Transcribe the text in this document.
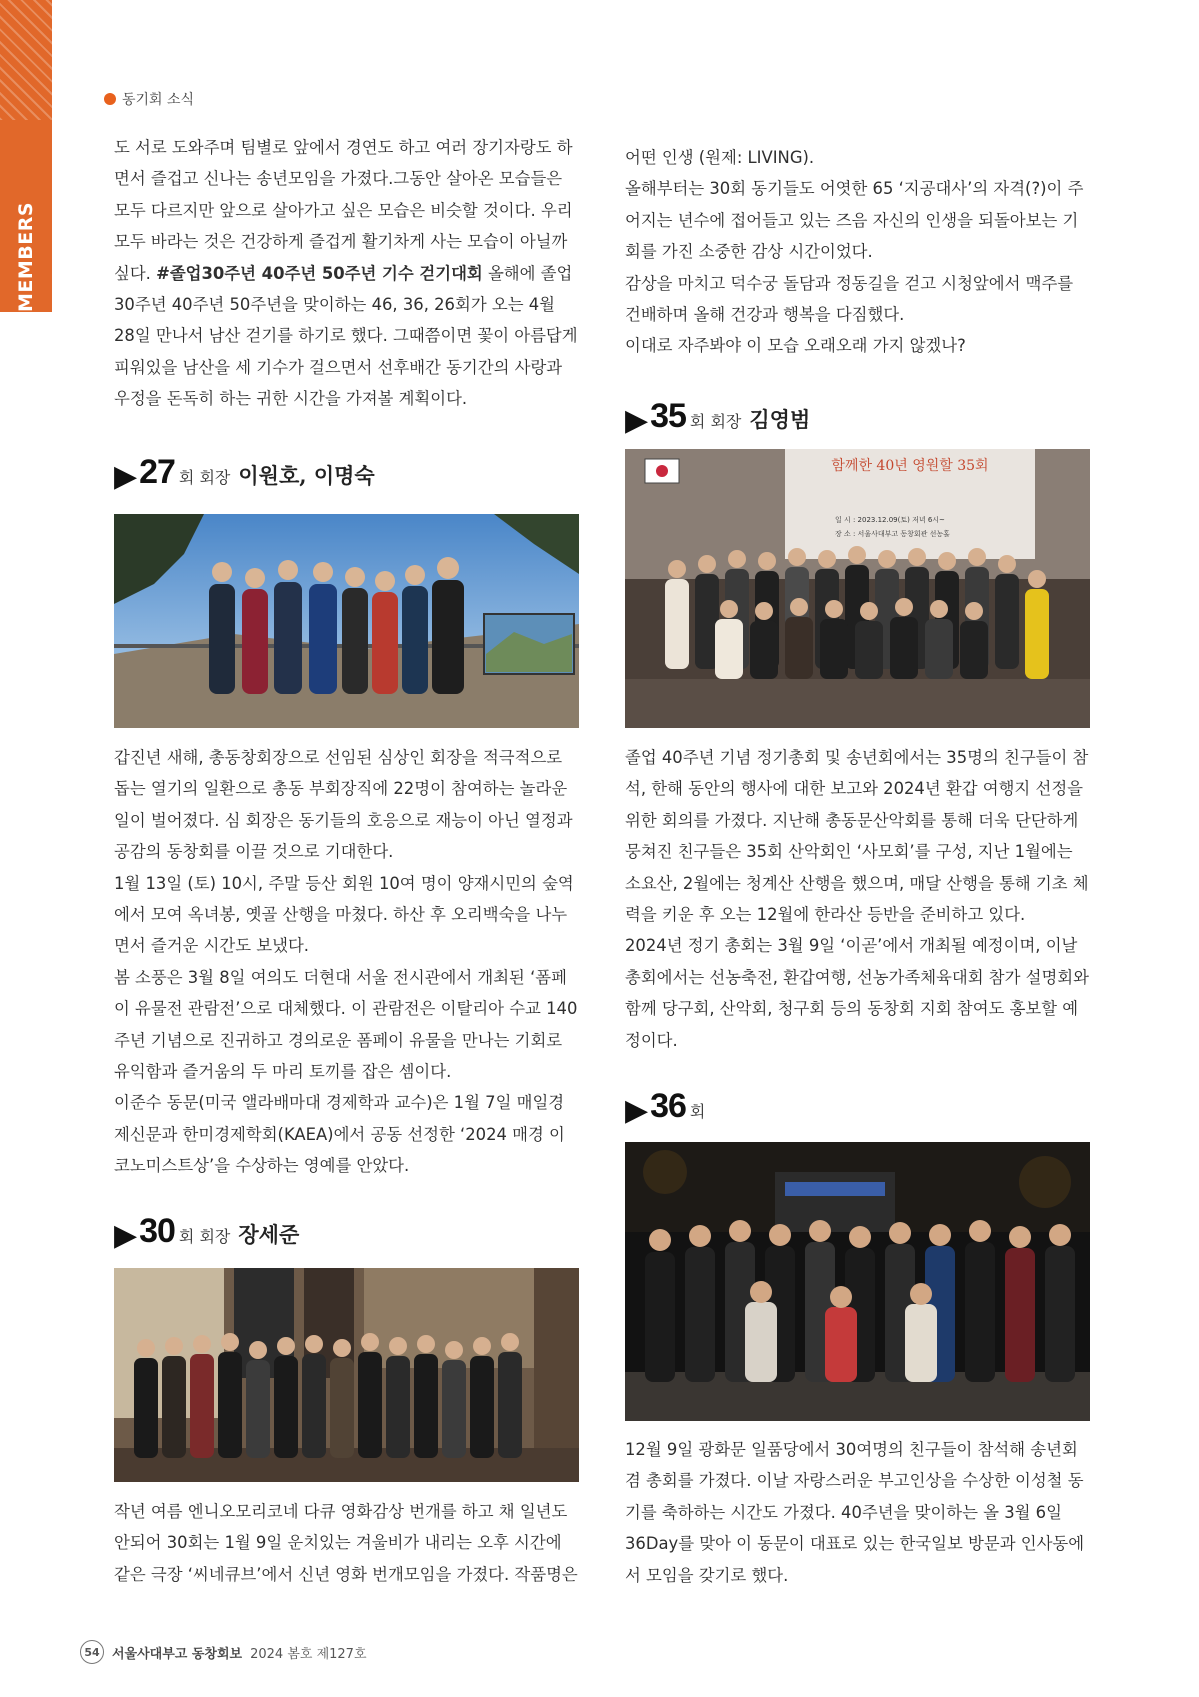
MEMBERS NEWS
동기회 소식

도 서로 도와주며 팀별로 앞에서 경연도 하고 여러 장기자랑도 하면서 즐겁고 신나는 송년모임을 가졌다.그동안 살아온 모습들은 모두 다르지만 앞으로 살아가고 싶은 모습은 비슷할 것이다. 우리 모두 바라는 것은 건강하게 즐겁게 활기차게 사는 모습이 아닐까 싶다. #졸업30주년 40주년 50주년 기수 걷기대회 올해에 졸업 30주년 40주년 50주년을 맞이하는 46, 36, 26회가 오는 4월 28일 만나서 남산 걷기를 하기로 했다. 그때쯤이면 꽃이 아름답게 피워있을 남산을 세 기수가 걸으면서 선후배간 동기간의 사랑과 우정을 돈독히 하는 귀한 시간을 가져볼 계획이다.

▶ 27 회 회장 이원호, 이명숙

갑진년 새해, 총동창회장으로 선임된 심상인 회장을 적극적으로 돕는 열기의 일환으로 총동 부회장직에 22명이 참여하는 놀라운 일이 벌어졌다. 심 회장은 동기들의 호응으로 재능이 아닌 열정과 공감의 동창회를 이끌 것으로 기대한다.

1월 13일 (토) 10시, 주말 등산 회원 10여 명이 양재시민의 숲역에서 모여 옥녀봉, 옛골 산행을 마쳤다. 하산 후 오리백숙을 나누면서 즐거운 시간도 보냈다.

봄 소풍은 3월 8일 여의도 더현대 서울 전시관에서 개최된 ‘폼페이 유물전 관람전’으로 대체했다. 이 관람전은 이탈리아 수교 140주년 기념으로 진귀하고 경의로운 폼페이 유물을 만나는 기회로 유익함과 즐거움의 두 마리 토끼를 잡은 셈이다.

이준수 동문(미국 앨라배마대 경제학과 교수)은 1월 7일 매일경제신문과 한미경제학회(KAEA)에서 공동 선정한 ‘2024 매경 이코노미스트상’을 수상하는 영예를 안았다.

▶ 30 회 회장 장세준

작년 여름 엔니오모리코네 다큐 영화감상 번개를 하고 채 일년도 안되어 30회는 1월 9일 운치있는 겨울비가 내리는 오후 시간에 같은 극장 ‘씨네큐브’에서 신년 영화 번개모임을 가졌다. 작품명은

어떤 인생 (원제: LIVING).

올해부터는 30회 동기들도 어엿한 65 ‘지공대사’의 자격(?)이 주어지는 년수에 접어들고 있는 즈음 자신의 인생을 되돌아보는 기회를 가진 소중한 감상 시간이었다.

감상을 마치고 덕수궁 돌담과 정동길을 걷고 시청앞에서 맥주를 건배하며 올해 건강과 행복을 다짐했다.

이대로 자주봐야 이 모습 오래오래 가지 않겠나?

▶ 35 회 회장 김영범
함께한 40년 영원할 35회
일 시 : 2023.12.09(토) 저녁 6시~
장 소 : 서울사대부고 동창회관 선농홀

졸업 40주년 기념 정기총회 및 송년회에서는 35명의 친구들이 참석, 한해 동안의 행사에 대한 보고와 2024년 환갑 여행지 선정을 위한 회의를 가졌다. 지난해 총동문산악회를 통해 더욱 단단하게 뭉쳐진 친구들은 35회 산악회인 ‘사모회’를 구성, 지난 1월에는 소요산, 2월에는 청계산 산행을 했으며, 매달 산행을 통해 기초 체력을 키운 후 오는 12월에 한라산 등반을 준비하고 있다.

2024년 정기 총회는 3월 9일 ‘이곧’에서 개최될 예정이며, 이날 총회에서는 선농축전, 환갑여행, 선농가족체육대회 참가 설명회와 함께 당구회, 산악회, 청구회 등의 동창회 지회 참여도 홍보할 예정이다.

▶ 36 회

12월 9일 광화문 일품당에서 30여명의 친구들이 참석해 송년회 겸 총회를 가졌다. 이날 자랑스러운 부고인상을 수상한 이성철 동기를 축하하는 시간도 가졌다. 40주년을 맞이하는 올 3월 6일 36Day를 맞아 이 동문이 대표로 있는 한국일보 방문과 인사동에서 모임을 갖기로 했다.

54 서울사대부고 동창회보 2024 봄호 제127호
